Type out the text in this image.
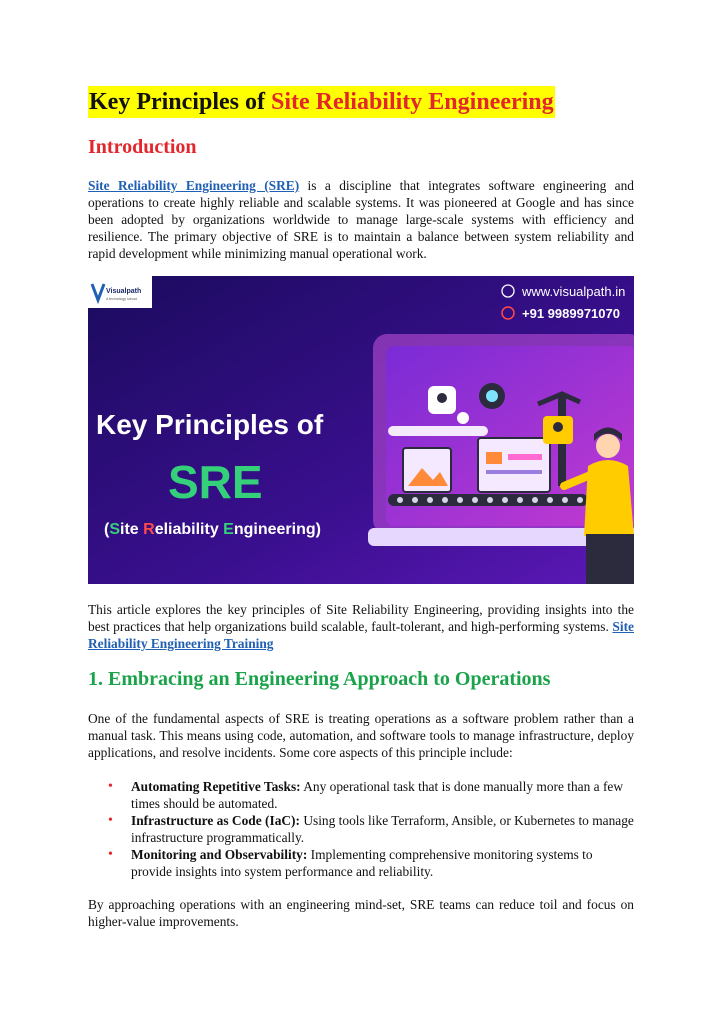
Key Principles of Site Reliability Engineering
Introduction
Site Reliability Engineering (SRE) is a discipline that integrates software engineering and operations to create highly reliable and scalable systems. It was pioneered at Google and has since been adopted by organizations worldwide to manage large-scale systems with efficiency and resilience. The primary objective of SRE is to maintain a balance between system reliability and rapid development while minimizing manual operational work.
Visualpath
A technology school	www.visualpath.in
+91 9989971070
Key Principles of
SRE
(Site Reliability Engineering)
This article explores the key principles of Site Reliability Engineering, providing insights into the best practices that help organizations build scalable, fault-tolerant, and high-performing systems. Site Reliability Engineering Training
1. Embracing an Engineering Approach to Operations
One of the fundamental aspects of SRE is treating operations as a software problem rather than a manual task. This means using code, automation, and software tools to manage infrastructure, deploy applications, and resolve incidents. Some core aspects of this principle include:
• Automating Repetitive Tasks: Any operational task that is done manually more than a few times should be automated.
• Infrastructure as Code (IaC): Using tools like Terraform, Ansible, or Kubernetes to manage infrastructure programmatically.
• Monitoring and Observability: Implementing comprehensive monitoring systems to provide insights into system performance and reliability.
By approaching operations with an engineering mind-set, SRE teams can reduce toil and focus on higher-value improvements.
